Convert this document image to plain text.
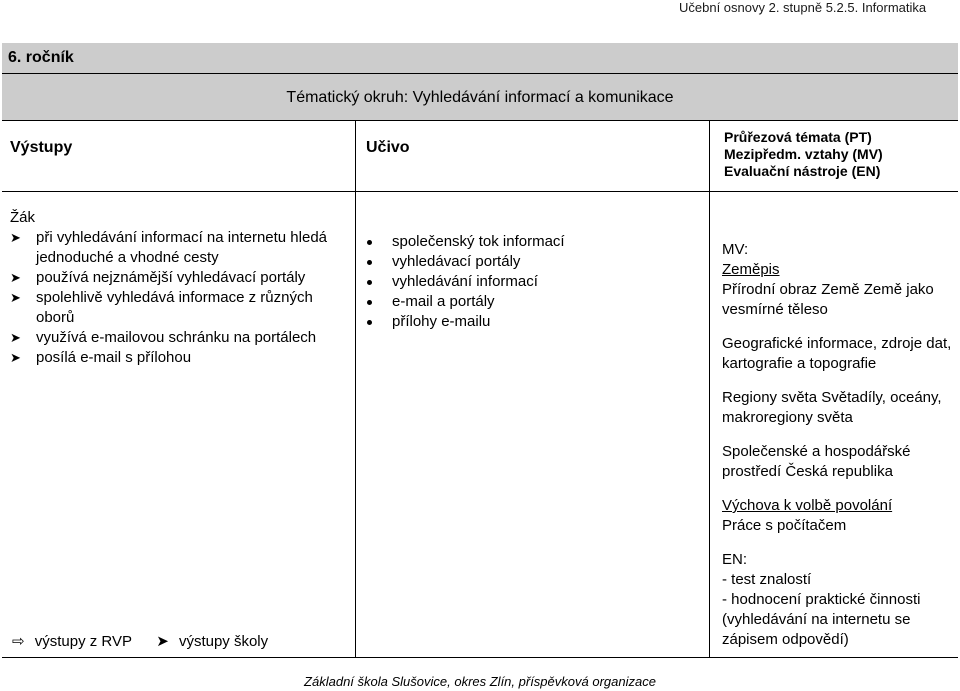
Učební osnovy 2. stupně 5.2.5. Informatika
6. ročník
Tématický okruh: Vyhledávání informací a komunikace
Výstupy	Učivo
Průřezová témata (PT)
Mezipředm. vztahy (MV)
Evaluační nástroje (EN)
Žák
➤ při vyhledávání informací na internetu hledá jednoduché a vhodné cesty
➤ používá nejznámější vyhledávací portály
➤ spolehlivě vyhledává informace z různých oborů
➤ využívá e-mailovou schránku na portálech
➤ posílá e-mail s přílohou
společenský tok informací
vyhledávací portály
vyhledávání informací
e-mail a portály
přílohy e-mailu
MV:
Zeměpis
Přírodní obraz Země Země jako vesmírné těleso
Geografické informace, zdroje dat, kartografie a topografie
Regiony světa Světadíly, oceány, makroregiony světa
Společenské a hospodářské prostředí Česká republika
Výchova k volbě povolání
Práce s počítačem
EN:
- test znalostí
- hodnocení praktické činnosti (vyhledávání na internetu se zápisem odpovědí)
⇨ výstupy z RVP ➤ výstupy školy
Základní škola Slušovice, okres Zlín, příspěvková organizace
